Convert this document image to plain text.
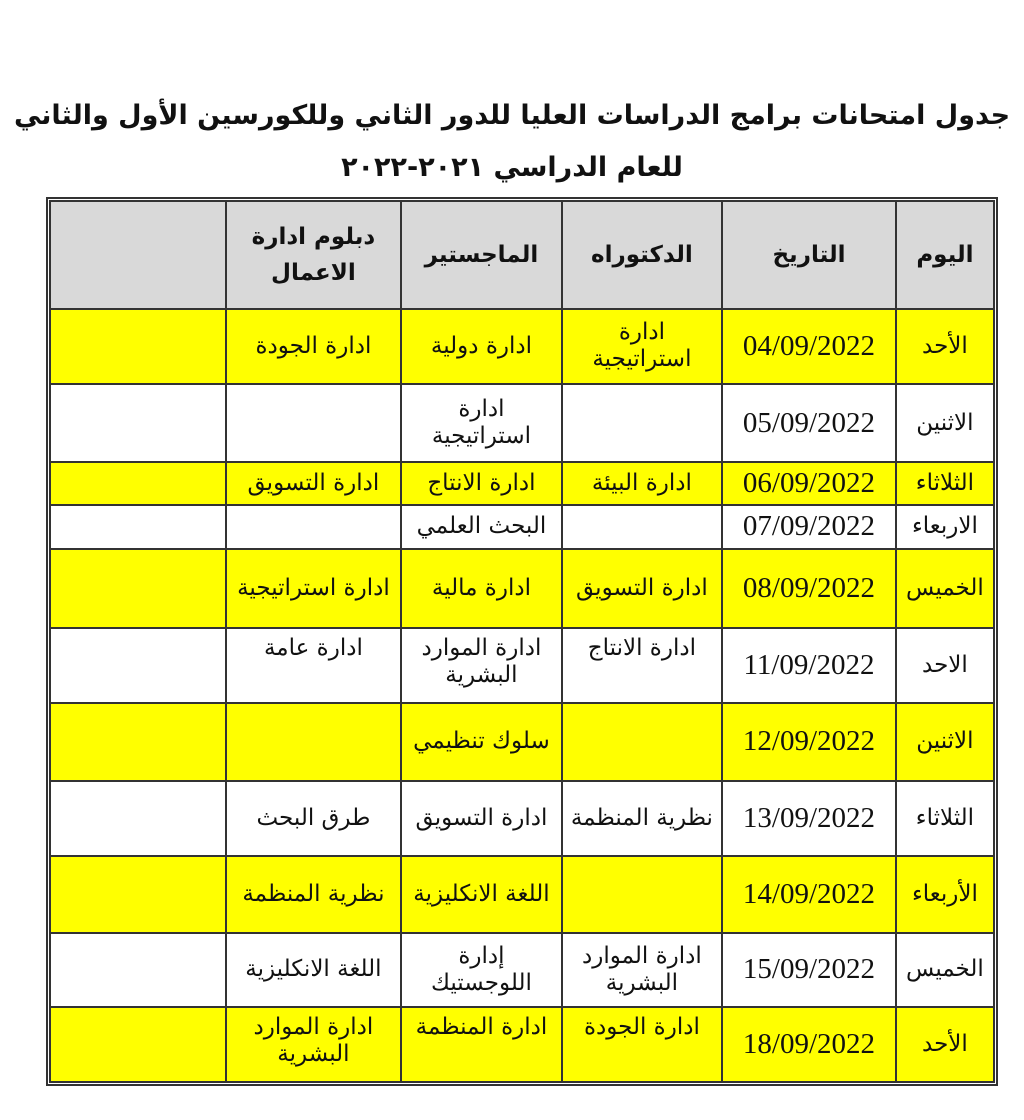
جدول امتحانات برامج الدراسات العليا للدور الثاني وللكورسين الأول والثاني
للعام الدراسي ٢٠٢١-٢٠٢٢
اليوم	التاريخ	الدكتوراه	الماجستير	دبلوم ادارة الاعمال	
الأحد	04/09/2022	ادارة استراتيجية	ادارة دولية	ادارة الجودة	
الاثنين	05/09/2022		ادارة استراتيجية		
الثلاثاء	06/09/2022	ادارة البيئة	ادارة الانتاج	ادارة التسويق	
الاربعاء	07/09/2022		البحث العلمي		
الخميس	08/09/2022	ادارة التسويق	ادارة مالية	ادارة استراتيجية	
الاحد	11/09/2022	ادارة الانتاج	ادارة الموارد البشرية	ادارة عامة	
الاثنين	12/09/2022		سلوك تنظيمي		
الثلاثاء	13/09/2022	نظرية المنظمة	ادارة التسويق	طرق البحث	
الأربعاء	14/09/2022		اللغة الانكليزية	نظرية المنظمة	
الخميس	15/09/2022	ادارة الموارد البشرية	إدارة اللوجستيك	اللغة الانكليزية	
الأحد	18/09/2022	ادارة الجودة	ادارة المنظمة	ادارة الموارد البشرية	
